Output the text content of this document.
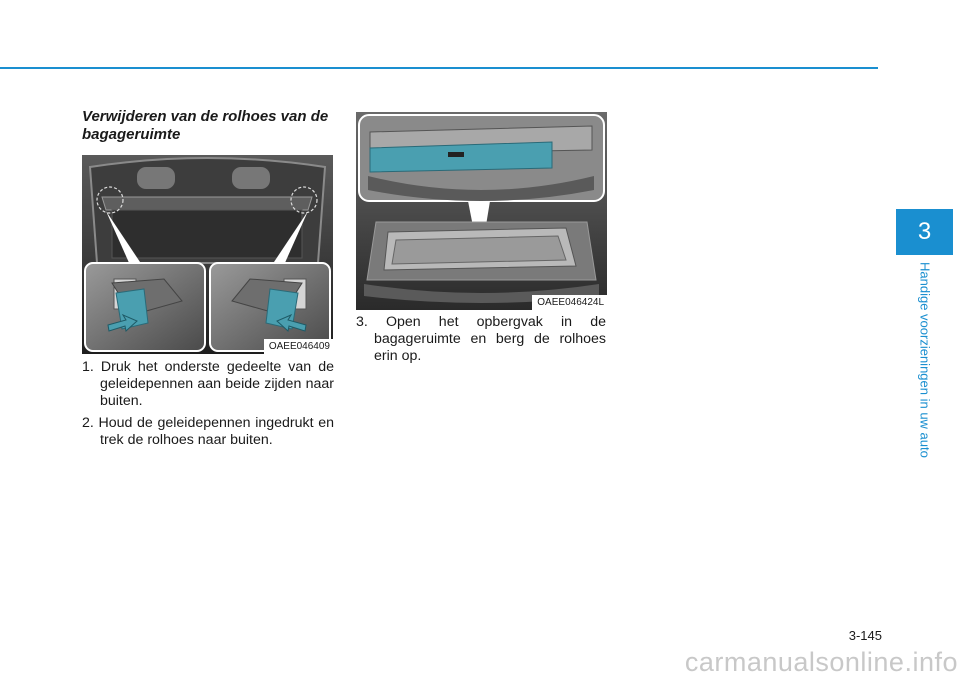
Verwijderen van de rolhoes van de bagageruimte
OAEE046409
OAEE046424L
1. Druk het onderste gedeelte van de geleidepennen aan beide zijden naar buiten.
2. Houd de geleidepennen ingedrukt en trek de rolhoes naar buiten.
3. Open het opbergvak in de bagageruimte en berg de rolhoes erin op.
3
Handige voorzieningen in uw auto
3-145
carmanualsonline.info
